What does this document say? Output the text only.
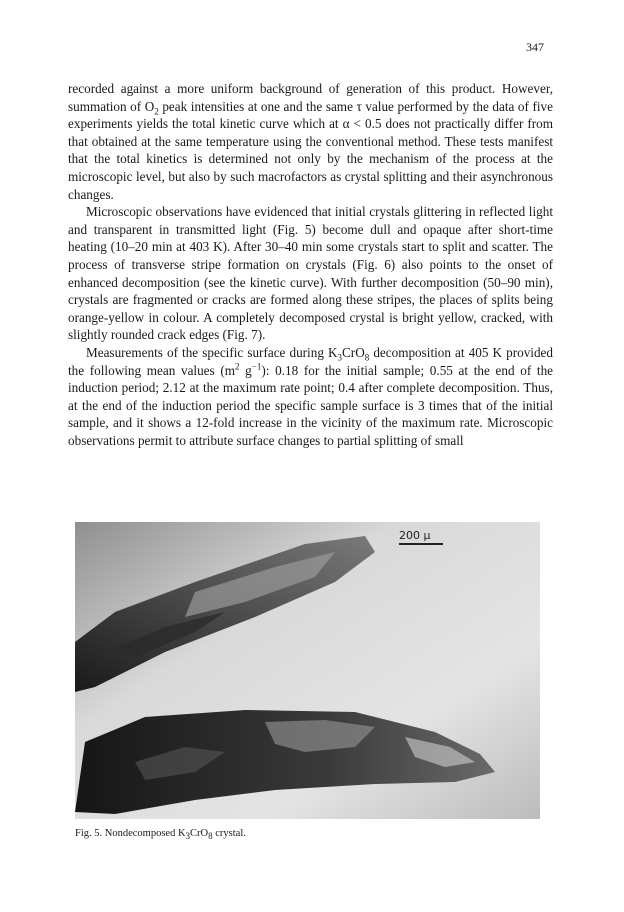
347

recorded against a more uniform background of generation of this product. However, summation of $O_2$ peak intensities at one and the same τ value performed by the data of five experiments yields the total kinetic curve which at α < 0.5 does not practically differ from that obtained at the same temperature using the conventional method. These tests manifest that the total kinetics is determined not only by the mechanism of the process at the microscopic level, but also by such macrofactors as crystal splitting and their asynchronous changes.

Microscopic observations have evidenced that initial crystals glittering in reflected light and transparent in transmitted light (Fig. 5) become dull and opaque after short-time heating (10–20 min at 403 K). After 30–40 min some crystals start to split and scatter. The process of transverse stripe formation on crystals (Fig. 6) also points to the onset of enhanced decomposition (see the kinetic curve). With further decomposition (50–90 min), crystals are fragmented or cracks are formed along these stripes, the places of splits being orange-yellow in colour. A completely decomposed crystal is bright yellow, cracked, with slightly rounded crack edges (Fig. 7).

Measurements of the specific surface during $K_3CrO_8$ decomposition at 405 K provided the following mean values ($m^2$ $g^{-1}$): 0.18 for the initial sample; 0.55 at the end of the induction period; 2.12 at the maximum rate point; 0.4 after complete decomposition. Thus, at the end of the induction period the specific sample surface is 3 times that of the initial sample, and it shows a 12-fold increase in the vicinity of the maximum rate. Microscopic observations permit to attribute surface changes to partial splitting of small

200 μ
Fig. 5. Nondecomposed $K_3CrO_8$ crystal.
